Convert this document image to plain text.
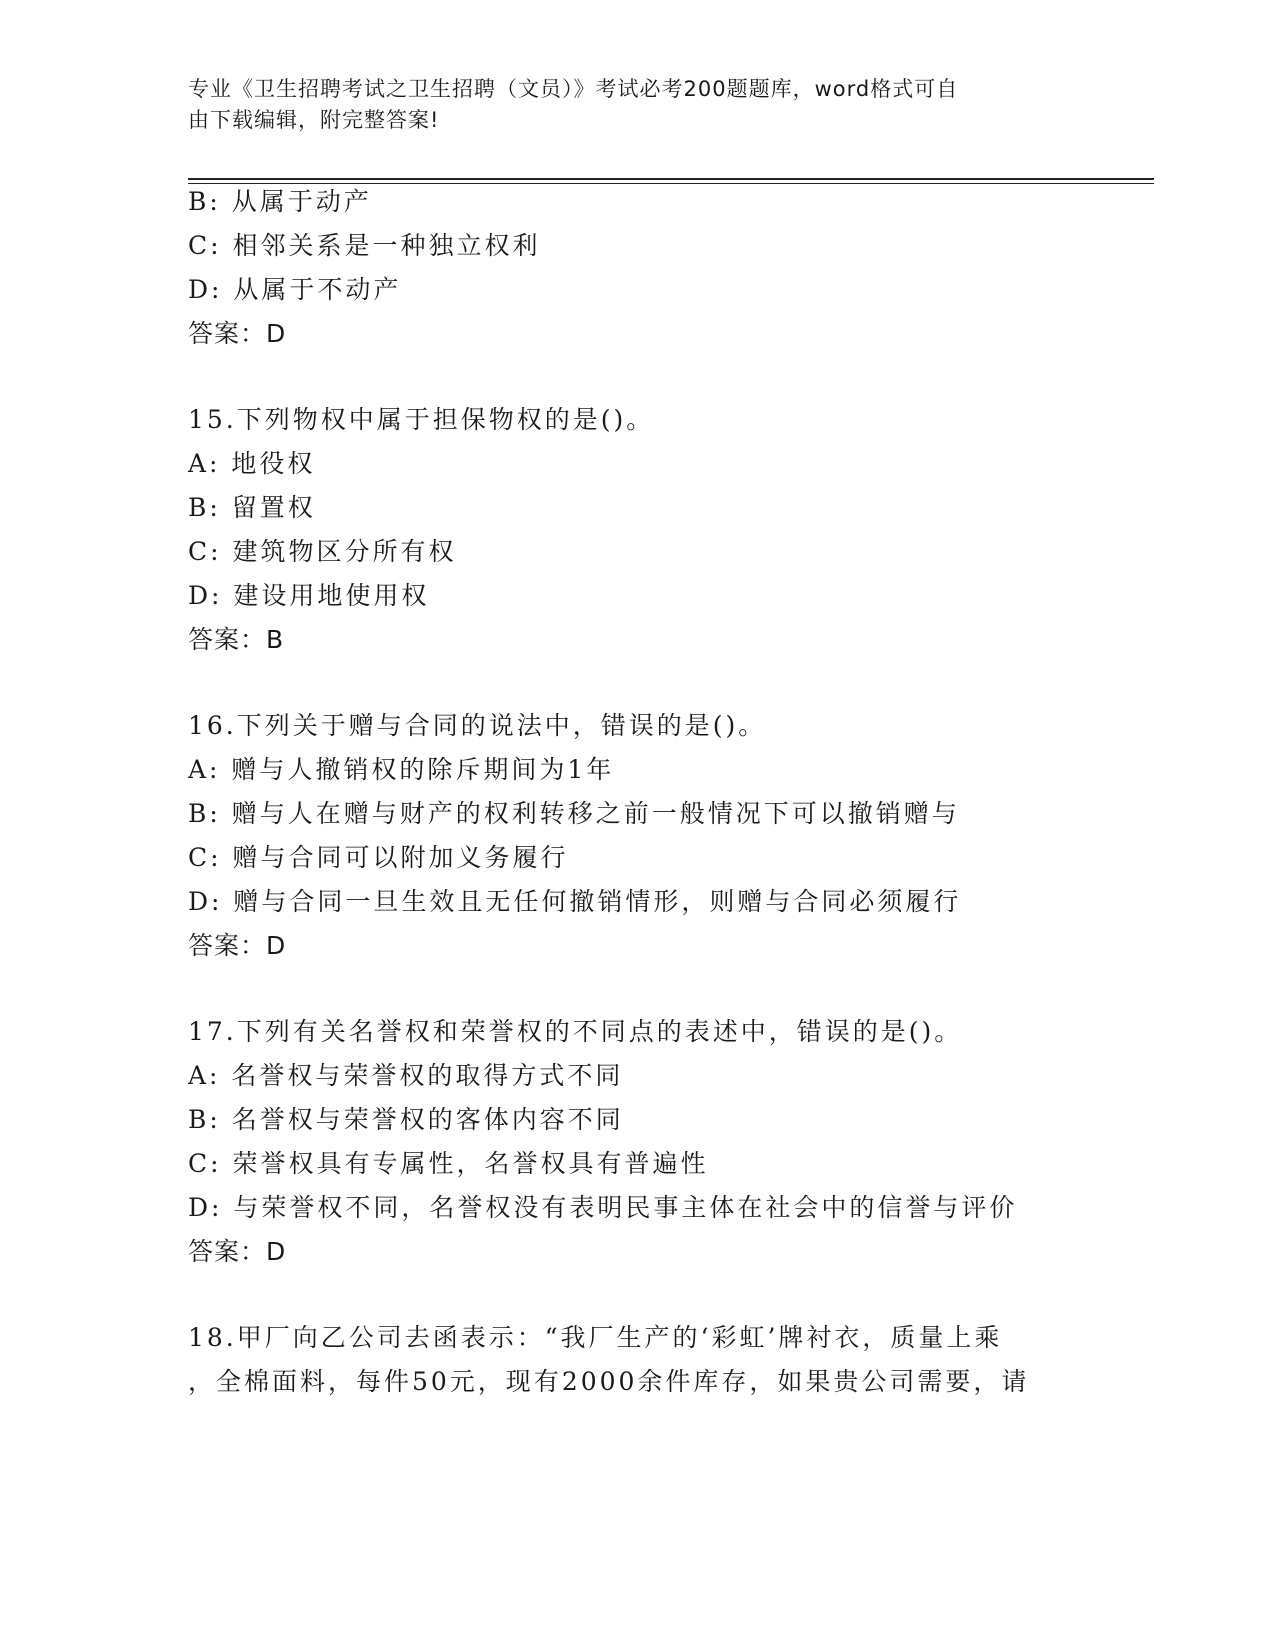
专业《卫生招聘考试之卫生招聘（文员）》考试必考200题题库，word格式可自
由下载编辑，附完整答案!
B: 从属于动产
C: 相邻关系是一种独立权利
D: 从属于不动产
答案：D
15.下列物权中属于担保物权的是()。
A: 地役权
B: 留置权
C: 建筑物区分所有权
D: 建设用地使用权
答案：B
16.下列关于赠与合同的说法中，错误的是()。
A: 赠与人撤销权的除斥期间为1年
B: 赠与人在赠与财产的权利转移之前一般情况下可以撤销赠与
C: 赠与合同可以附加义务履行
D: 赠与合同一旦生效且无任何撤销情形，则赠与合同必须履行
答案：D
17.下列有关名誉权和荣誉权的不同点的表述中，错误的是()。
A: 名誉权与荣誉权的取得方式不同
B: 名誉权与荣誉权的客体内容不同
C: 荣誉权具有专属性，名誉权具有普遍性
D: 与荣誉权不同，名誉权没有表明民事主体在社会中的信誉与评价
答案：D
18.甲厂向乙公司去函表示：“我厂生产的‘彩虹’牌衬衣，质量上乘
，全棉面料，每件50元，现有2000余件库存，如果贵公司需要，请
